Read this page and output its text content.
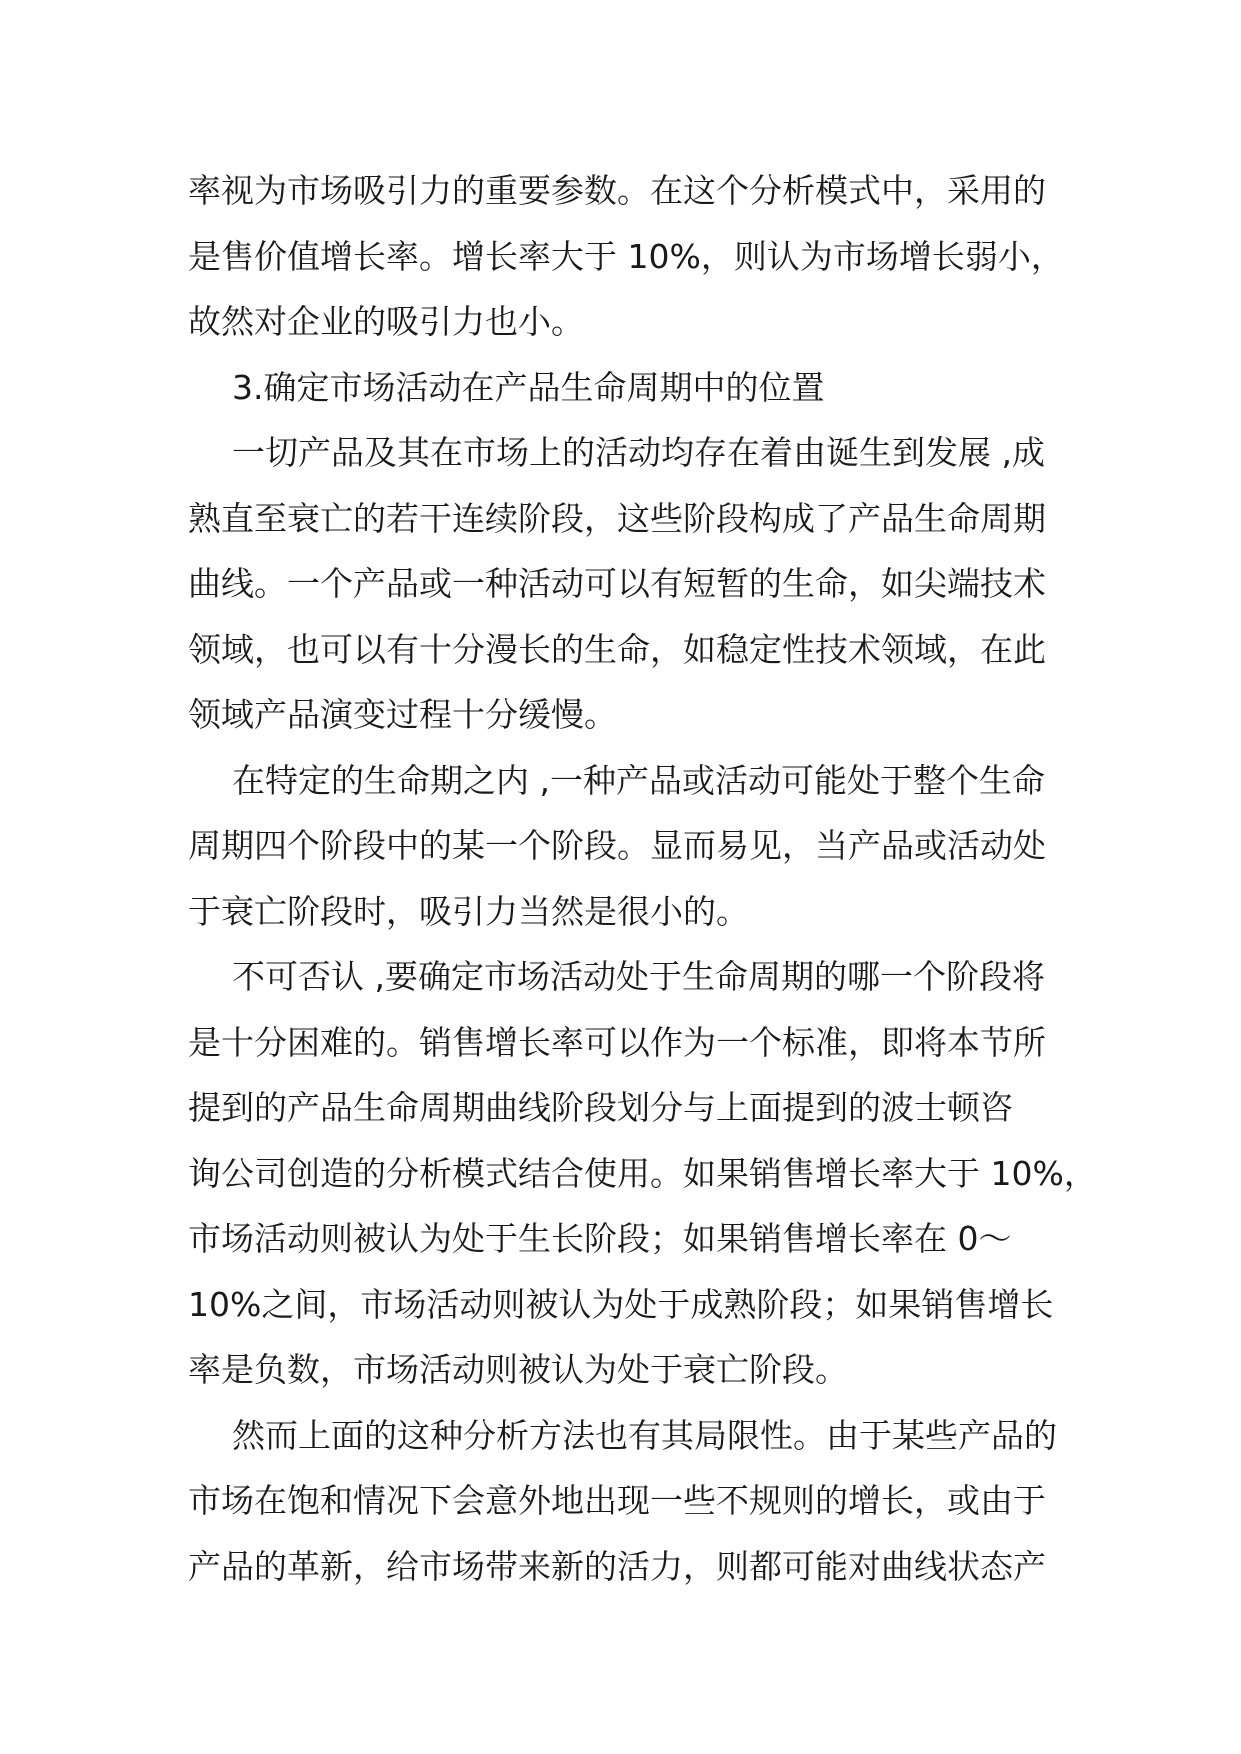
率视为市场吸引力的重要参数。在这个分析模式中，采用的
是售价值增长率。增长率大于 10%，则认为市场增长弱小，
故然对企业的吸引力也小。
3.确定市场活动在产品生命周期中的位置
一切产品及其在市场上的活动均存在着由诞生到发展 ,成
熟直至衰亡的若干连续阶段，这些阶段构成了产品生命周期
曲线。一个产品或一种活动可以有短暂的生命，如尖端技术
领域，也可以有十分漫长的生命，如稳定性技术领域，在此
领域产品演变过程十分缓慢。
在特定的生命期之内 ,一种产品或活动可能处于整个生命
周期四个阶段中的某一个阶段。显而易见，当产品或活动处
于衰亡阶段时，吸引力当然是很小的。
不可否认 ,要确定市场活动处于生命周期的哪一个阶段将
是十分困难的。销售增长率可以作为一个标准，即将本节所
提到的产品生命周期曲线阶段划分与上面提到的波士顿咨
询公司创造的分析模式结合使用。如果销售增长率大于 10%，
市场活动则被认为处于生长阶段；如果销售增长率在 0～
10%之间，市场活动则被认为处于成熟阶段；如果销售增长
率是负数，市场活动则被认为处于衰亡阶段。
然而上面的这种分析方法也有其局限性。由于某些产品的
市场在饱和情况下会意外地出现一些不规则的增长，或由于
产品的革新，给市场带来新的活力，则都可能对曲线状态产
